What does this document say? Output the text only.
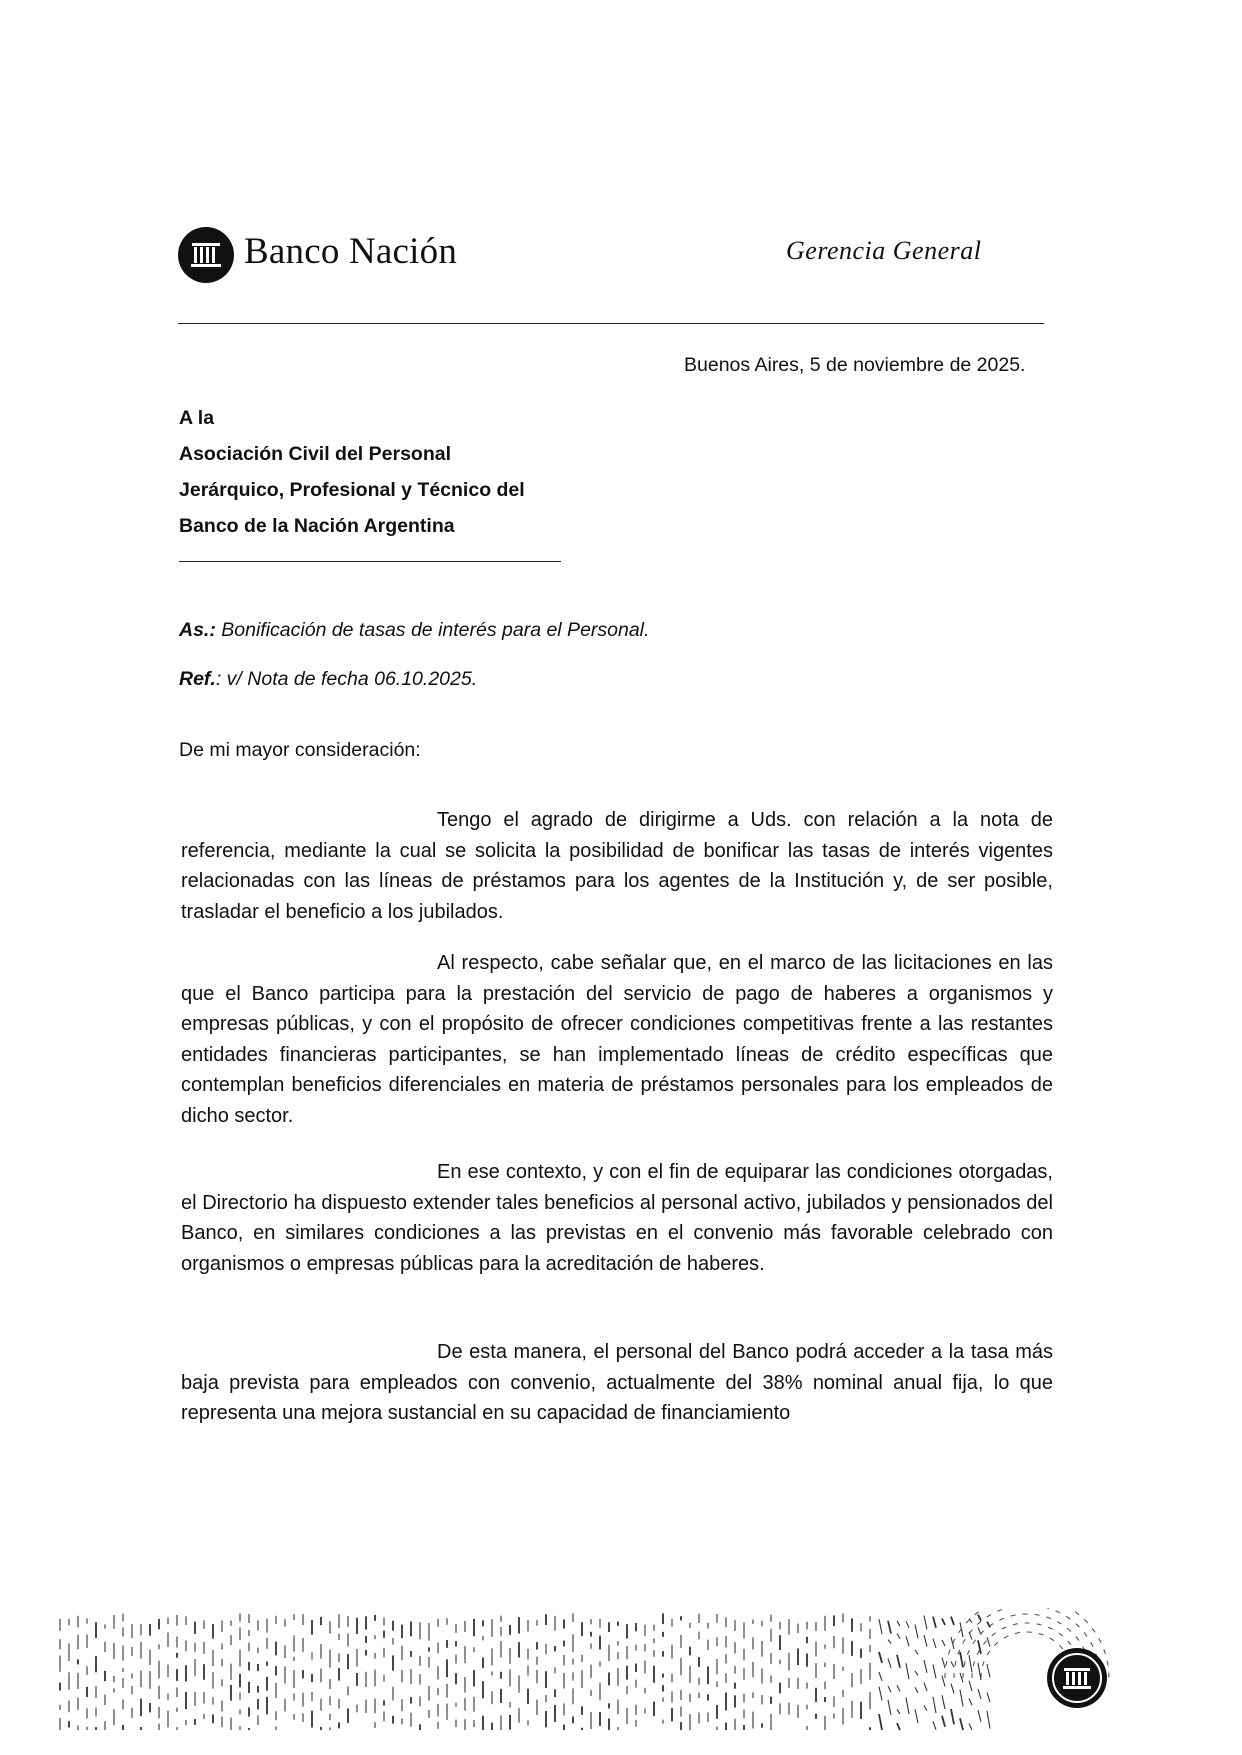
Banco Nación	Gerencia General
Buenos Aires, 5 de noviembre de 2025.
A la
Asociación Civil del Personal
Jerárquico, Profesional y Técnico del
Banco de la Nación Argentina
As.: Bonificación de tasas de interés para el Personal.
Ref.: v/ Nota de fecha 06.10.2025.
De mi mayor consideración:

Tengo el agrado de dirigirme a Uds. con relación a la nota de referencia, mediante la cual se solicita la posibilidad de bonificar las tasas de interés vigentes relacionadas con las líneas de préstamos para los agentes de la Institución y, de ser posible, trasladar el beneficio a los jubilados.

Al respecto, cabe señalar que, en el marco de las licitaciones en las que el Banco participa para la prestación del servicio de pago de haberes a organismos y empresas públicas, y con el propósito de ofrecer condiciones competitivas frente a las restantes entidades financieras participantes, se han implementado líneas de crédito específicas que contemplan beneficios diferenciales en materia de préstamos personales para los empleados de dicho sector.

En ese contexto, y con el fin de equiparar las condiciones otorgadas, el Directorio ha dispuesto extender tales beneficios al personal activo, jubilados y pensionados del Banco, en similares condiciones a las previstas en el convenio más favorable celebrado con organismos o empresas públicas para la acreditación de haberes.

De esta manera, el personal del Banco podrá acceder a la tasa más baja prevista para empleados con convenio, actualmente del 38% nominal anual fija, lo que representa una mejora sustancial en su capacidad de financiamiento
